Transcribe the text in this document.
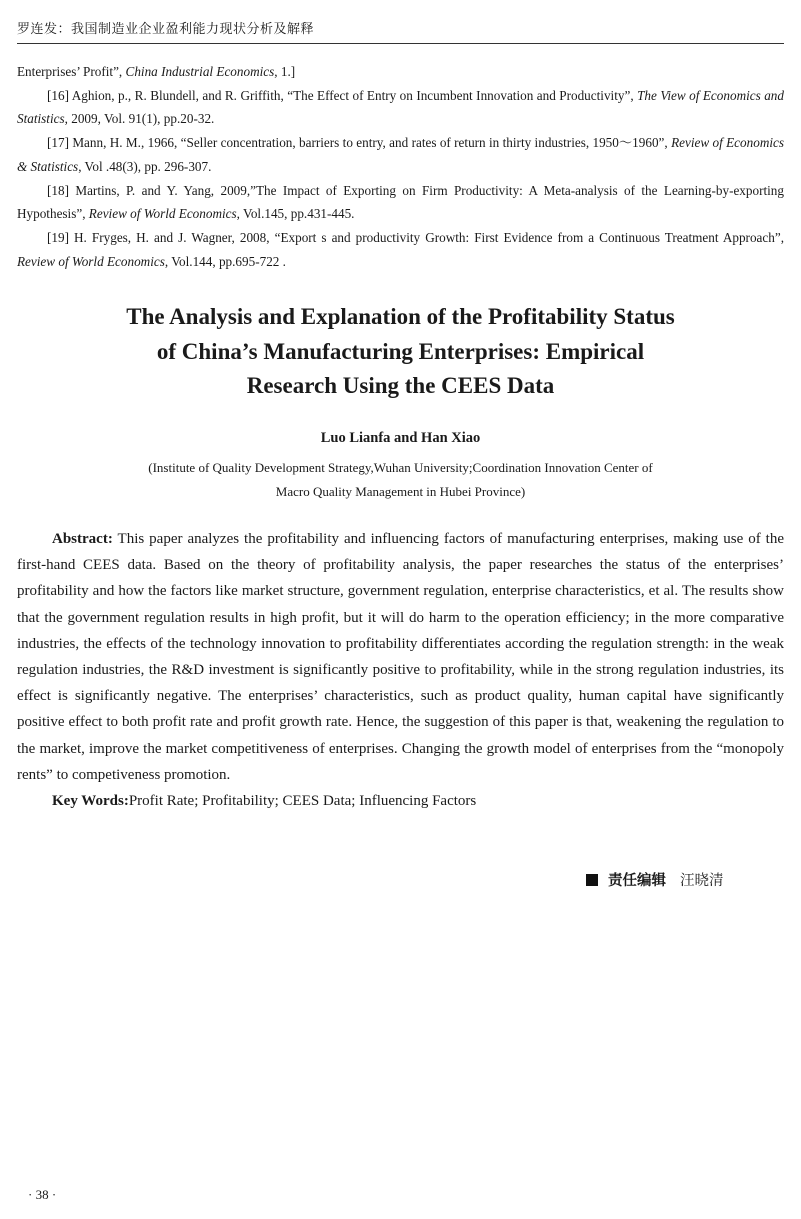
罗连发：我国制造业企业盈利能力现状分析及解释

Enterprises’ Profit”, China Industrial Economics, 1.]

[16] Aghion, p., R. Blundell, and R. Griffith, “The Effect of Entry on Incumbent Innovation and Productivity”, The View of Economics and Statistics, 2009, Vol. 91(1), pp.20-32.

[17] Mann, H. M., 1966, “Seller concentration, barriers to entry, and rates of return in thirty industries, 1950～1960”, Review of Economics & Statistics, Vol .48(3), pp. 296-307.

[18] Martins, P. and Y. Yang, 2009,”The Impact of Exporting on Firm Productivity: A Meta-analysis of the Learning-by-exporting Hypothesis”, Review of World Economics, Vol.145, pp.431-445.

[19] H. Fryges, H. and J. Wagner, 2008, “Export s and productivity Growth: First Evidence from a Continuous Treatment Approach”, Review of World Economics, Vol.144, pp.695-722 .

The Analysis and Explanation of the Profitability Status
of China’s Manufacturing Enterprises: Empirical
Research Using the CEES Data
Luo Lianfa and Han Xiao
(Institute of Quality Development Strategy,Wuhan University;Coordination Innovation Center of
Macro Quality Management in Hubei Province)

Abstract: This paper analyzes the profitability and influencing factors of manufacturing enterprises, making use of the first-hand CEES data. Based on the theory of profitability analysis, the paper researches the status of the enterprises’ profitability and how the factors like market structure, government regulation, enterprise characteristics, et al. The results show that the government regulation results in high profit, but it will do harm to the operation efficiency; in the more comparative industries, the effects of the technology innovation to profitability differentiates according the regulation strength: in the weak regulation industries, the R&D investment is significantly positive to profitability, while in the strong regulation industries, its effect is significantly negative. The enterprises’ characteristics, such as product quality, human capital have significantly positive effect to both profit rate and profit growth rate. Hence, the suggestion of this paper is that, weakening the regulation to the market, improve the market competitiveness of enterprises. Changing the growth model of enterprises from the “monopoly rents” to competiveness promotion.

Key Words:Profit Rate; Profitability; CEES Data; Influencing Factors

责任编辑 汪晓清
· 38 ·
